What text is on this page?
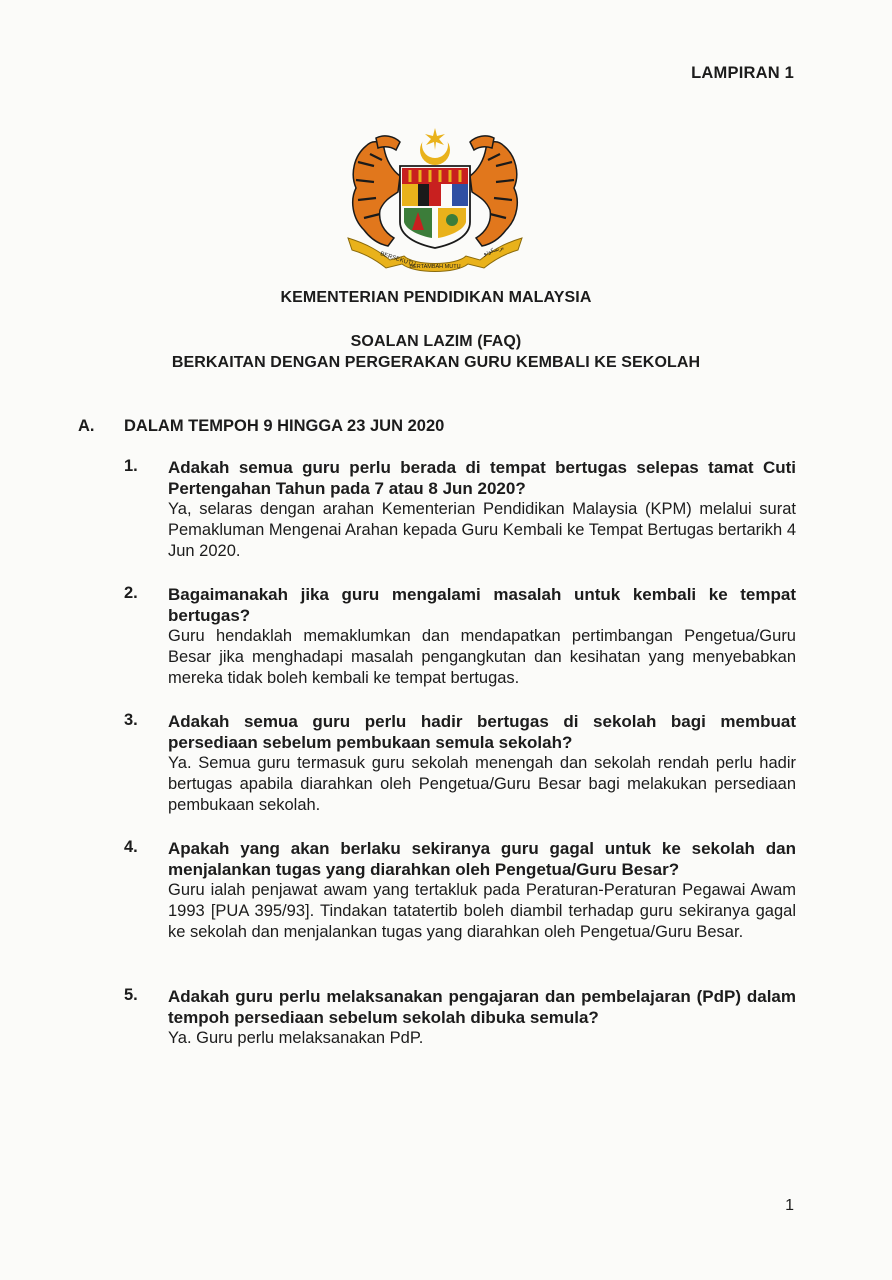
LAMPIRAN 1
BERSEKUTU
BERTAMBAH MUTU
ﺑﺮﺳﻜﻮﺗﻮ
KEMENTERIAN PENDIDIKAN MALAYSIA
SOALAN LAZIM (FAQ)
BERKAITAN DENGAN PERGERAKAN GURU KEMBALI KE SEKOLAH
A. DALAM TEMPOH 9 HINGGA 23 JUN 2020
1. Adakah semua guru perlu berada di tempat bertugas selepas tamat Cuti Pertengahan Tahun pada 7 atau 8 Jun 2020?
Ya, selaras dengan arahan Kementerian Pendidikan Malaysia (KPM) melalui surat Pemakluman Mengenai Arahan kepada Guru Kembali ke Tempat Bertugas bertarikh 4 Jun 2020.
2. Bagaimanakah jika guru mengalami masalah untuk kembali ke tempat bertugas?
Guru hendaklah memaklumkan dan mendapatkan pertimbangan Pengetua/Guru Besar jika menghadapi masalah pengangkutan dan kesihatan yang menyebabkan mereka tidak boleh kembali ke tempat bertugas.
3. Adakah semua guru perlu hadir bertugas di sekolah bagi membuat persediaan sebelum pembukaan semula sekolah?
Ya. Semua guru termasuk guru sekolah menengah dan sekolah rendah perlu hadir bertugas apabila diarahkan oleh Pengetua/Guru Besar bagi melakukan persediaan pembukaan sekolah.
4. Apakah yang akan berlaku sekiranya guru gagal untuk ke sekolah dan menjalankan tugas yang diarahkan oleh Pengetua/Guru Besar?
Guru ialah penjawat awam yang tertakluk pada Peraturan-Peraturan Pegawai Awam 1993 [PUA 395/93]. Tindakan tatatertib boleh diambil terhadap guru sekiranya gagal ke sekolah dan menjalankan tugas yang diarahkan oleh Pengetua/Guru Besar.
5. Adakah guru perlu melaksanakan pengajaran dan pembelajaran (PdP) dalam tempoh persediaan sebelum sekolah dibuka semula?
Ya. Guru perlu melaksanakan PdP.
1
